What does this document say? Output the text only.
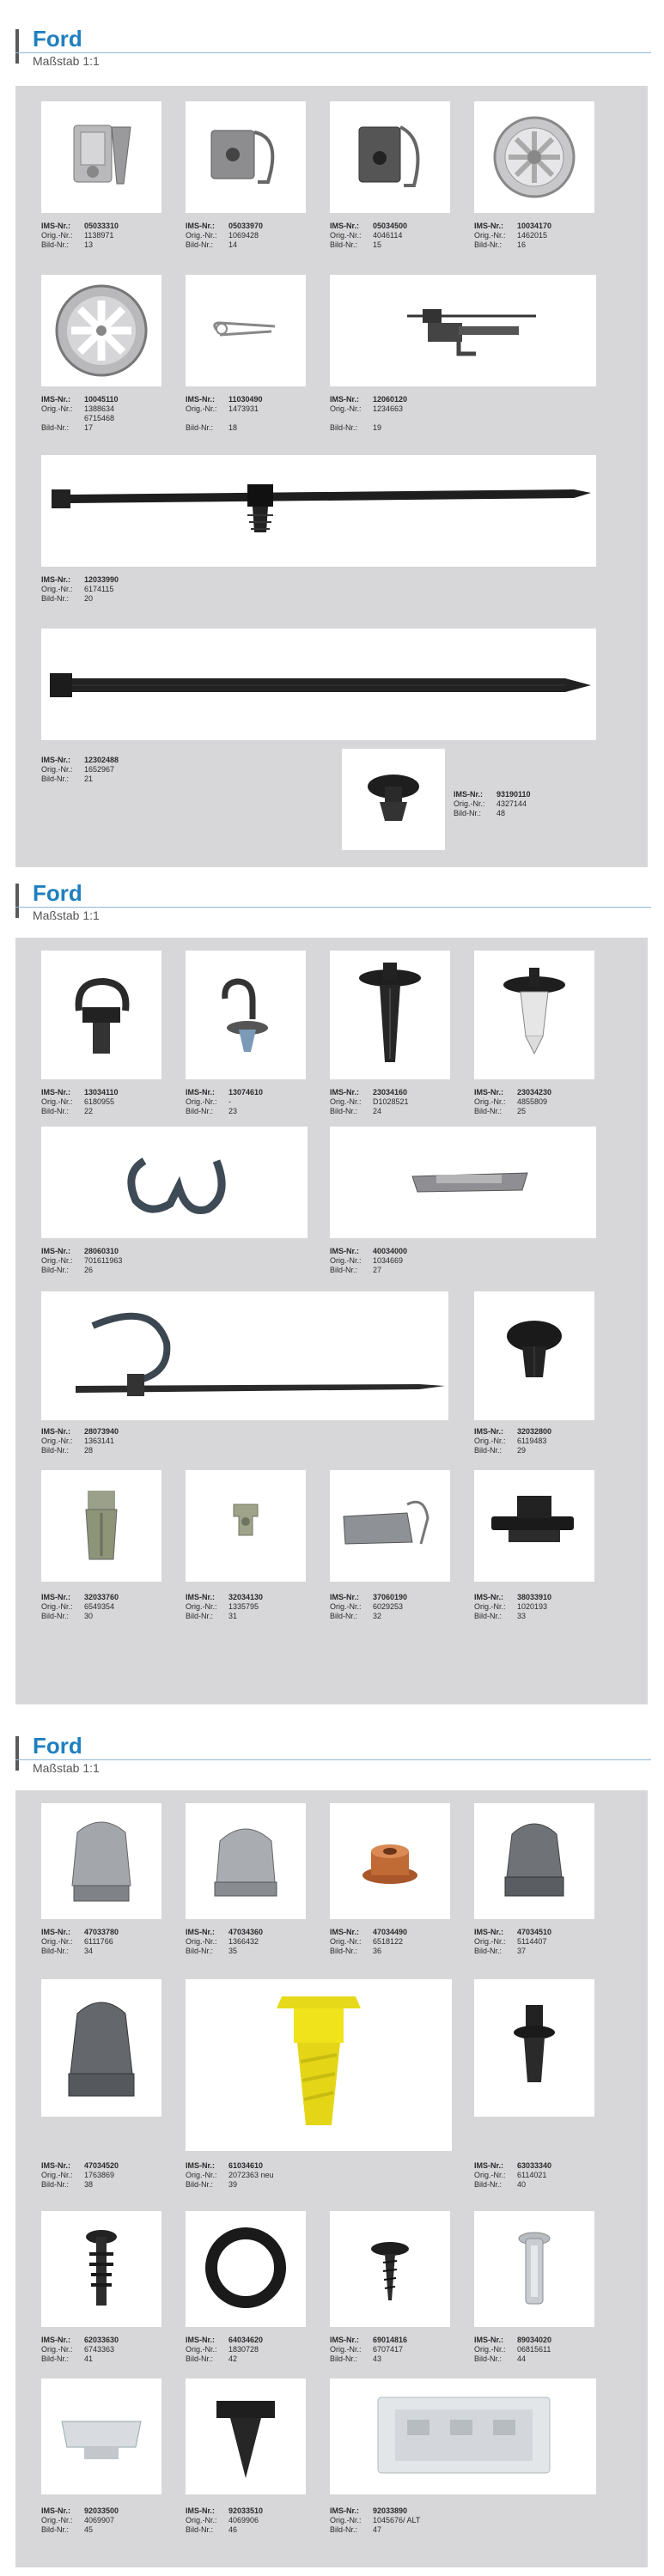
Ford
Maßstab 1:1
IMS-Nr.: 05033310
Orig.-Nr.: 1138971
Bild-Nr.: 13
IMS-Nr.: 05033970
Orig.-Nr.: 1069428
Bild-Nr.: 14
IMS-Nr.: 05034500
Orig.-Nr.: 4046114
Bild-Nr.: 15
IMS-Nr.: 10034170
Orig.-Nr.: 1462015
Bild-Nr.: 16
IMS-Nr.: 10045110
Orig.-Nr.: 1388634
6715468
Bild-Nr.: 17
IMS-Nr.: 11030490
Orig.-Nr.: 1473931

Bild-Nr.: 18
IMS-Nr.: 12060120
Orig.-Nr.: 1234663

Bild-Nr.: 19
IMS-Nr.: 12033990
Orig.-Nr.: 6174115
Bild-Nr.: 20
IMS-Nr.: 12302488
Orig.-Nr.: 1652967
Bild-Nr.: 21
IMS-Nr.: 93190110
Orig.-Nr.: 4327144
Bild-Nr.: 48
Ford
Maßstab 1:1
IMS-Nr.: 13034110
Orig.-Nr.: 6180955
Bild-Nr.: 22
IMS-Nr.: 13074610
Orig.-Nr.: -
Bild-Nr.: 23
IMS-Nr.: 23034160
Orig.-Nr.: D1028521
Bild-Nr.: 24
IMS-Nr.: 23034230
Orig.-Nr.: 4855809
Bild-Nr.: 25
IMS-Nr.: 28060310
Orig.-Nr.: 701611963
Bild-Nr.: 26
IMS-Nr.: 40034000
Orig.-Nr.: 1034669
Bild-Nr.: 27
IMS-Nr.: 28073940
Orig.-Nr.: 1363141
Bild-Nr.: 28
IMS-Nr.: 32032800
Orig.-Nr.: 6119483
Bild-Nr.: 29
IMS-Nr.: 32033760
Orig.-Nr.: 6549354
Bild-Nr.: 30
IMS-Nr.: 32034130
Orig.-Nr.: 1335795
Bild-Nr.: 31
IMS-Nr.: 37060190
Orig.-Nr.: 6029253
Bild-Nr.: 32
IMS-Nr.: 38033910
Orig.-Nr.: 1020193
Bild-Nr.: 33
Ford
Maßstab 1:1
IMS-Nr.: 47033780
Orig.-Nr.: 6111766
Bild-Nr.: 34
IMS-Nr.: 47034360
Orig.-Nr.: 1366432
Bild-Nr.: 35
IMS-Nr.: 47034490
Orig.-Nr.: 6518122
Bild-Nr.: 36
IMS-Nr.: 47034510
Orig.-Nr.: 5114407
Bild-Nr.: 37
IMS-Nr.: 47034520
Orig.-Nr.: 1763869
Bild-Nr.: 38
IMS-Nr.: 61034610
Orig.-Nr.: 2072363 neu
Bild-Nr.: 39
IMS-Nr.: 63033340
Orig.-Nr.: 6114021
Bild-Nr.: 40
IMS-Nr.: 62033630
Orig.-Nr.: 6743363
Bild-Nr.: 41
IMS-Nr.: 64034620
Orig.-Nr.: 1830728
Bild-Nr.: 42
IMS-Nr.: 69014816
Orig.-Nr.: 6707417
Bild-Nr.: 43
IMS-Nr.: 89034020
Orig.-Nr.: 06815611
Bild-Nr.: 44
IMS-Nr.: 92033500
Orig.-Nr.: 4069907
Bild-Nr.: 45
IMS-Nr.: 92033510
Orig.-Nr.: 4069906
Bild-Nr.: 46
IMS-Nr.: 92033890
Orig.-Nr.: 1045676/ ALT
Bild-Nr.: 47
